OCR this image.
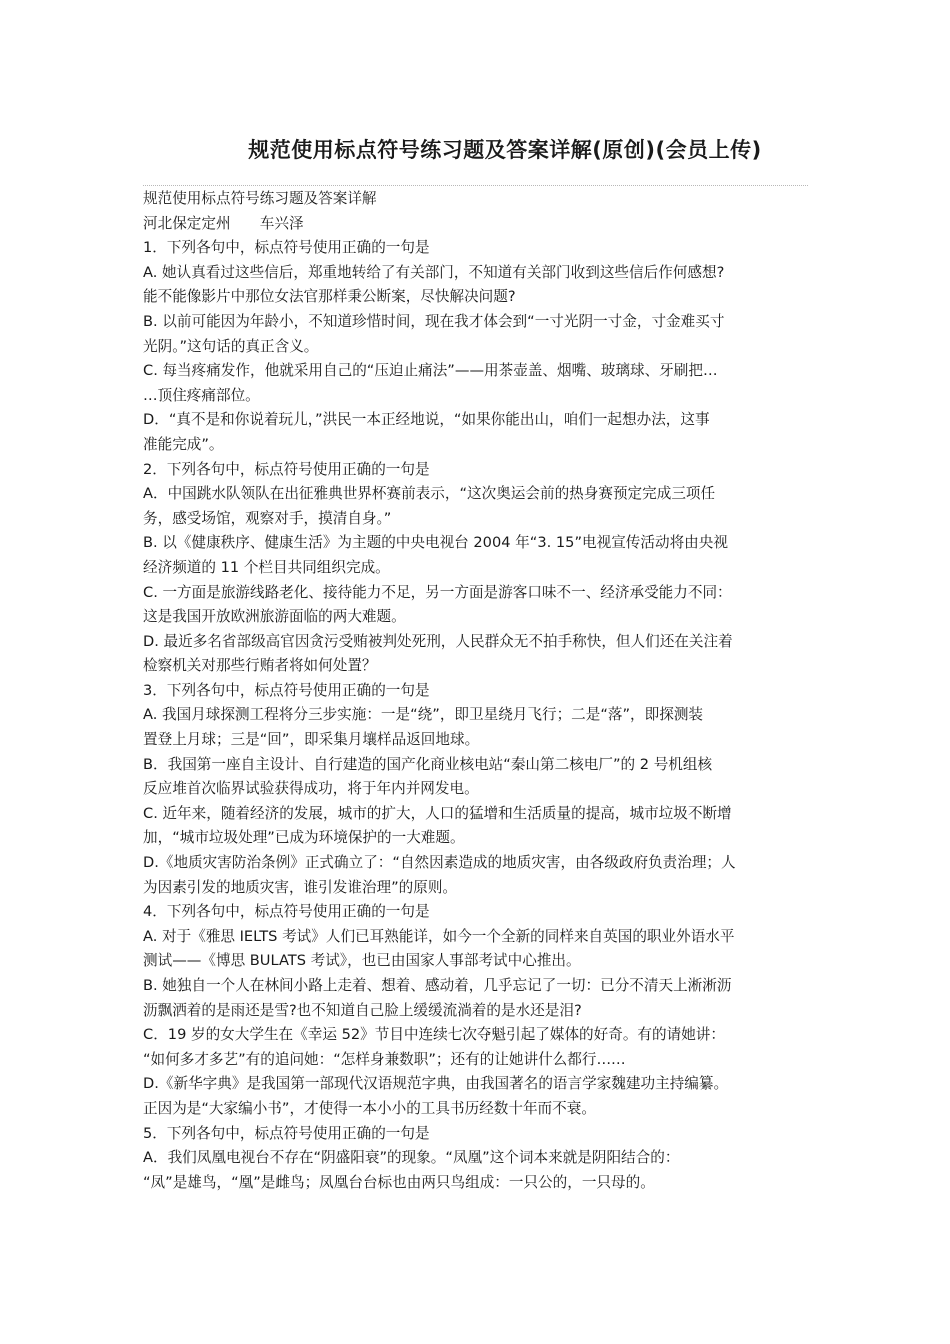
规范使用标点符号练习题及答案详解(原创)(会员上传)
规范使用标点符号练习题及答案详解
河北保定定州　　车兴泽
1．下列各句中，标点符号使用正确的一句是
A. 她认真看过这些信后，郑重地转给了有关部门，不知道有关部门收到这些信后作何感想?
能不能像影片中那位女法官那样秉公断案，尽快解决问题?
B. 以前可能因为年龄小，不知道珍惜时间，现在我才体会到“一寸光阴一寸金，寸金难买寸
光阴。”这句话的真正含义。
C. 每当疼痛发作，他就采用自己的“压迫止痛法”——用茶壶盖、烟嘴、玻璃球、牙刷把…
…顶住疼痛部位。
D．“真不是和你说着玩儿，”洪民一本正经地说，“如果你能出山，咱们一起想办法，这事
准能完成”。
2．下列各句中，标点符号使用正确的一句是
A．中国跳水队领队在出征雅典世界杯赛前表示，“这次奥运会前的热身赛预定完成三项任
务，感受场馆，观察对手，摸清自身。”
B. 以《健康秩序、健康生活》为主题的中央电视台 2004 年“3. 15”电视宣传活动将由央视
经济频道的 11 个栏目共同组织完成。
C. 一方面是旅游线路老化、接待能力不足，另一方面是游客口味不一、经济承受能力不同：
这是我国开放欧洲旅游面临的两大难题。
D. 最近多名省部级高官因贪污受贿被判处死刑，人民群众无不拍手称快，但人们还在关注着
检察机关对那些行贿者将如何处置？
3．下列各句中，标点符号使用正确的一句是
A. 我国月球探测工程将分三步实施：一是“绕”，即卫星绕月飞行；二是“落”，即探测装
置登上月球；三是“回”，即采集月壤样品返回地球。
B．我国第一座自主设计、自行建造的国产化商业核电站“秦山第二核电厂”的 2 号机组核
反应堆首次临界试验获得成功，将于年内并网发电。
C. 近年来，随着经济的发展，城市的扩大，人口的猛增和生活质量的提高，城市垃圾不断增
加，“城市垃圾处理”已成为环境保护的一大难题。
D.《地质灾害防治条例》正式确立了：“自然因素造成的地质灾害，由各级政府负责治理；人
为因素引发的地质灾害，谁引发谁治理”的原则。
4．下列各句中，标点符号使用正确的一句是
A. 对于《雅思 IELTS 考试》人们已耳熟能详，如今一个全新的同样来自英国的职业外语水平
测试——《博思 BULATS 考试》，也已由国家人事部考试中心推出。
B. 她独自一个人在林间小路上走着、想着、感动着，几乎忘记了一切：已分不清天上淅淅沥
沥飘洒着的是雨还是雪?也不知道自己脸上缓缓流淌着的是水还是泪?
C．19 岁的女大学生在《幸运 52》节目中连续七次夺魁引起了媒体的好奇。有的请她讲：
“如何多才多艺”有的追问她：“怎样身兼数职”；还有的让她讲什么都行……
D.《新华字典》是我国第一部现代汉语规范字典，由我国著名的语言学家魏建功主持编纂。
正因为是“大家编小书”，才使得一本小小的工具书历经数十年而不衰。
5．下列各句中，标点符号使用正确的一句是
A．我们凤凰电视台不存在“阴盛阳衰”的现象。“凤凰”这个词本来就是阴阳结合的：
“凤”是雄鸟，“凰”是雌鸟；凤凰台台标也由两只鸟组成：一只公的，一只母的。
